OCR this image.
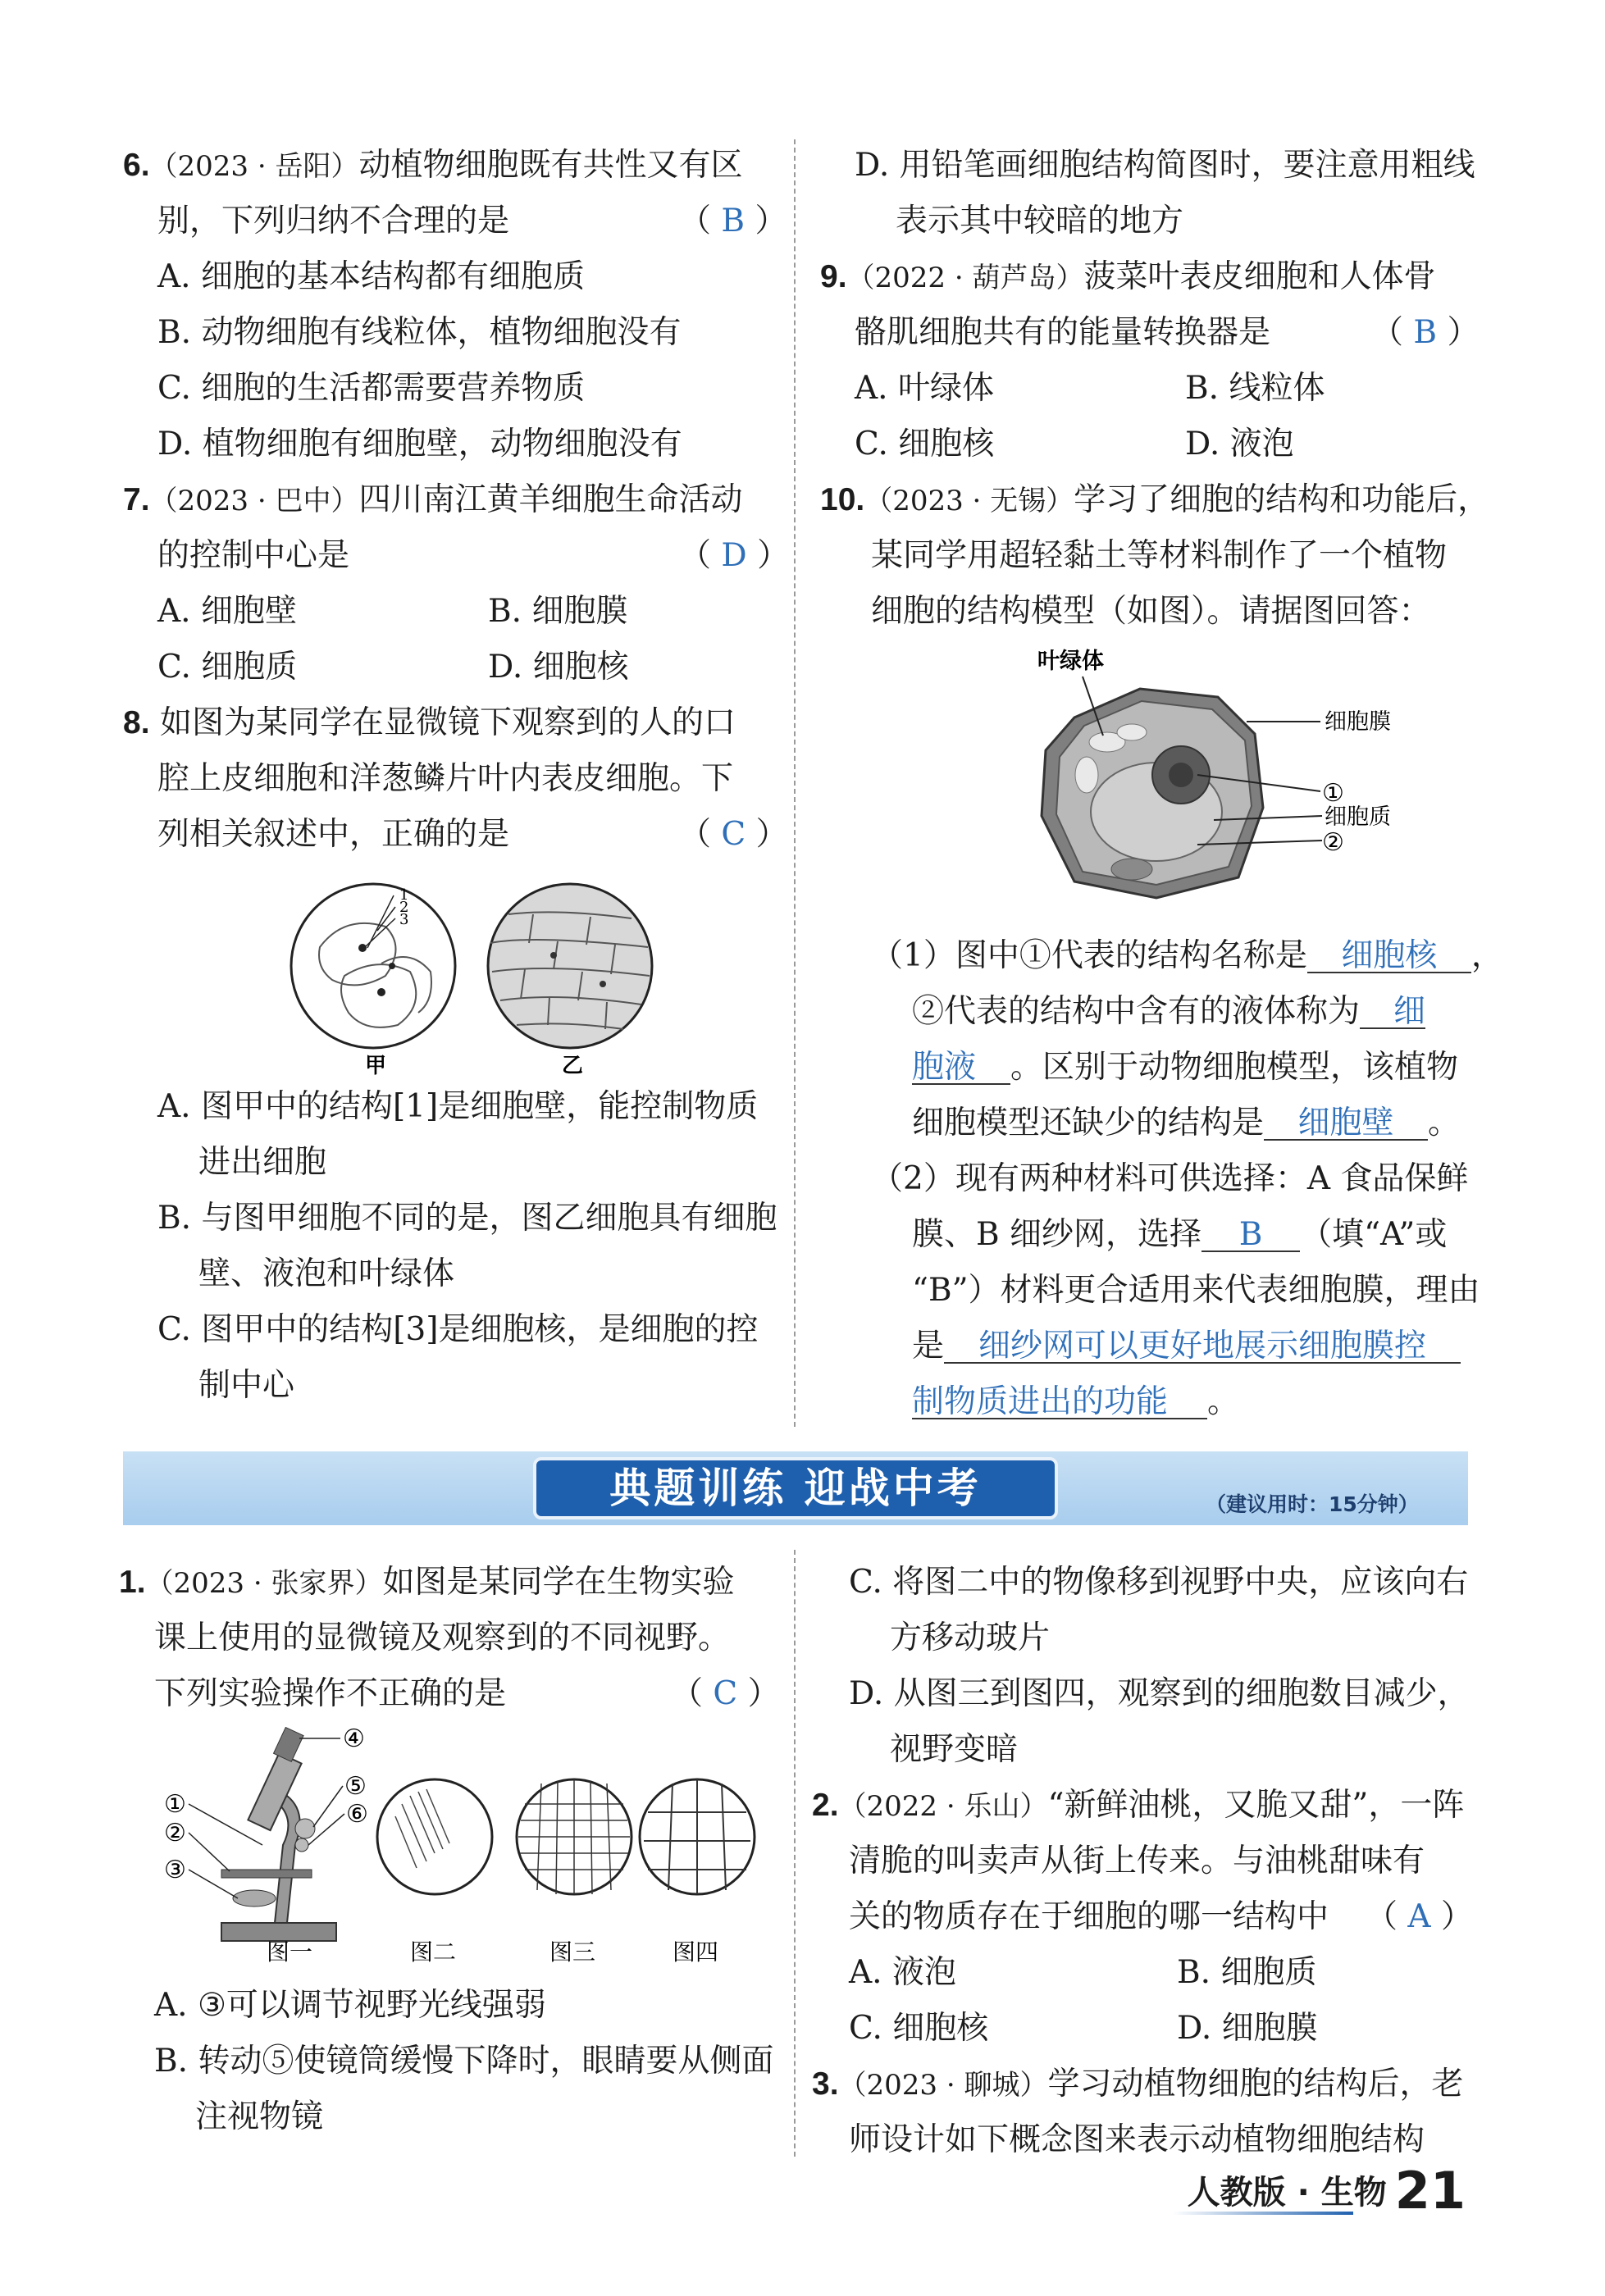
6.（2023 · 岳阳）动植物细胞既有共性又有区
别，下列归纳不合理的是	（ B ）
A. 细胞的基本结构都有细胞质
B. 动物细胞有线粒体，植物细胞没有
C. 细胞的生活都需要营养物质
D. 植物细胞有细胞壁，动物细胞没有
7.（2023 · 巴中）四川南江黄羊细胞生命活动
的控制中心是	（ D ）
A. 细胞壁	B. 细胞膜
C. 细胞质	D. 细胞核
8. 如图为某同学在显微镜下观察到的人的口
腔上皮细胞和洋葱鳞片叶内表皮细胞。下
列相关叙述中，正确的是	（ C ）
1
2
3
甲	乙
A. 图甲中的结构[1]是细胞壁，能控制物质
进出细胞
B. 与图甲细胞不同的是，图乙细胞具有细胞
壁、液泡和叶绿体
C. 图甲中的结构[3]是细胞核，是细胞的控
制中心
D. 用铅笔画细胞结构简图时，要注意用粗线
表示其中较暗的地方
9.（2022 · 葫芦岛）菠菜叶表皮细胞和人体骨
骼肌细胞共有的能量转换器是	（ B ）
A. 叶绿体	B. 线粒体
C. 细胞核	D. 液泡
10.（2023 · 无锡）学习了细胞的结构和功能后，
某同学用超轻黏土等材料制作了一个植物
细胞的结构模型（如图）。请据图回答：
叶绿体
细胞膜
①
细胞质
②
（1）图中①代表的结构名称是 细胞核 ，
②代表的结构中含有的液体称为 细
胞液 。区别于动物细胞模型，该植物
细胞模型还缺少的结构是 细胞壁 。
（2）现有两种材料可供选择：A 食品保鲜
膜、B 细纱网，选择 B （填“A”或
“B”）材料更合适用来代表细胞膜，理由
是 细纱网可以更好地展示细胞膜控
制物质进出的功能 。
典题训练 迎战中考	（建议用时：15分钟）
1.（2023 · 张家界）如图是某同学在生物实验
课上使用的显微镜及观察到的不同视野。
下列实验操作不正确的是	（ C ）
④
⑤
⑥
①
②
③
图一	图二	图三	图四
A. ③可以调节视野光线强弱
B. 转动⑤使镜筒缓慢下降时，眼睛要从侧面
注视物镜
C. 将图二中的物像移到视野中央，应该向右
方移动玻片
D. 从图三到图四，观察到的细胞数目减少，
视野变暗
2.（2022 · 乐山）“新鲜油桃，又脆又甜”，一阵
清脆的叫卖声从街上传来。与油桃甜味有
关的物质存在于细胞的哪一结构中 （ A ）
A. 液泡	B. 细胞质
C. 细胞核	D. 细胞膜
3.（2023 · 聊城）学习动植物细胞的结构后，老
师设计如下概念图来表示动植物细胞结构
人教版 · 生物 21
